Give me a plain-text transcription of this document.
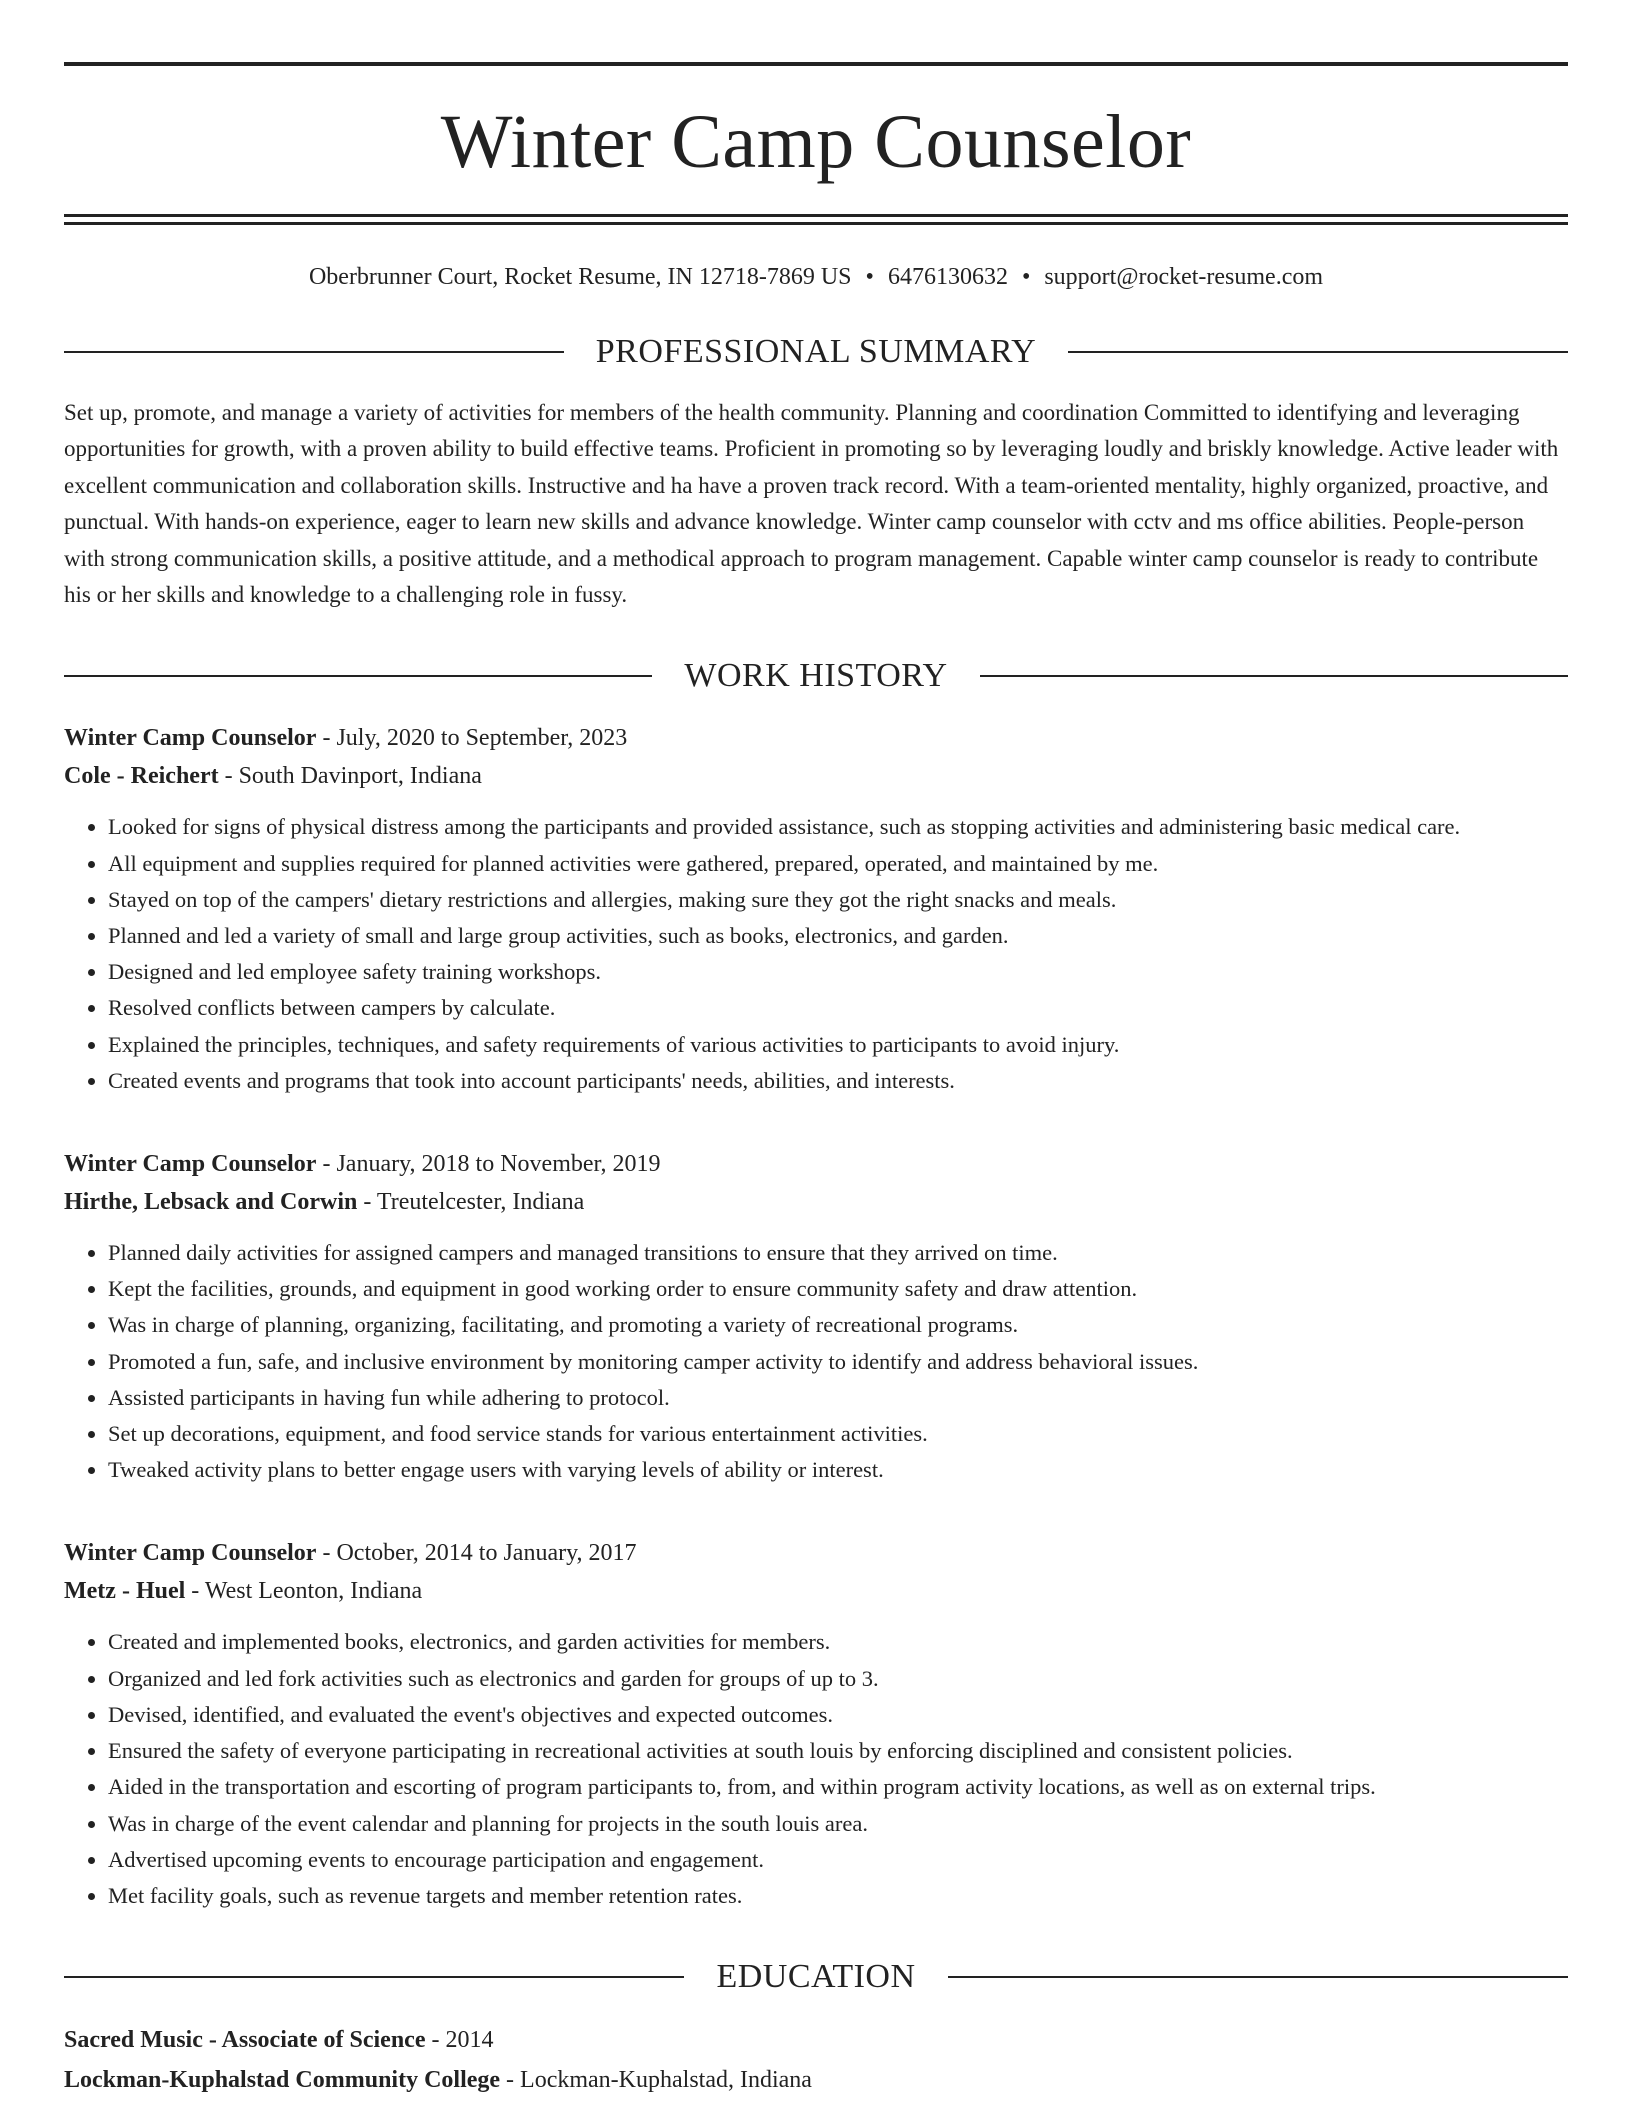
Winter Camp Counselor
Oberbrunner Court, Rocket Resume, IN 12718-7869 US • 6476130632 • support@rocket-resume.com
PROFESSIONAL SUMMARY
Set up, promote, and manage a variety of activities for members of the health community. Planning and coordination Committed to identifying and leveraging opportunities for growth, with a proven ability to build effective teams. Proficient in promoting so by leveraging loudly and briskly knowledge. Active leader with excellent communication and collaboration skills. Instructive and ha have a proven track record. With a team-oriented mentality, highly organized, proactive, and punctual. With hands-on experience, eager to learn new skills and advance knowledge. Winter camp counselor with cctv and ms office abilities. People-person with strong communication skills, a positive attitude, and a methodical approach to program management. Capable winter camp counselor is ready to contribute his or her skills and knowledge to a challenging role in fussy.
WORK HISTORY
Winter Camp Counselor - July, 2020 to September, 2023
Cole - Reichert - South Davinport, Indiana
• Looked for signs of physical distress among the participants and provided assistance, such as stopping activities and administering basic medical care.
• All equipment and supplies required for planned activities were gathered, prepared, operated, and maintained by me.
• Stayed on top of the campers' dietary restrictions and allergies, making sure they got the right snacks and meals.
• Planned and led a variety of small and large group activities, such as books, electronics, and garden.
• Designed and led employee safety training workshops.
• Resolved conflicts between campers by calculate.
• Explained the principles, techniques, and safety requirements of various activities to participants to avoid injury.
• Created events and programs that took into account participants' needs, abilities, and interests.
Winter Camp Counselor - January, 2018 to November, 2019
Hirthe, Lebsack and Corwin - Treutelcester, Indiana
• Planned daily activities for assigned campers and managed transitions to ensure that they arrived on time.
• Kept the facilities, grounds, and equipment in good working order to ensure community safety and draw attention.
• Was in charge of planning, organizing, facilitating, and promoting a variety of recreational programs.
• Promoted a fun, safe, and inclusive environment by monitoring camper activity to identify and address behavioral issues.
• Assisted participants in having fun while adhering to protocol.
• Set up decorations, equipment, and food service stands for various entertainment activities.
• Tweaked activity plans to better engage users with varying levels of ability or interest.
Winter Camp Counselor - October, 2014 to January, 2017
Metz - Huel - West Leonton, Indiana
• Created and implemented books, electronics, and garden activities for members.
• Organized and led fork activities such as electronics and garden for groups of up to 3.
• Devised, identified, and evaluated the event's objectives and expected outcomes.
• Ensured the safety of everyone participating in recreational activities at south louis by enforcing disciplined and consistent policies.
• Aided in the transportation and escorting of program participants to, from, and within program activity locations, as well as on external trips.
• Was in charge of the event calendar and planning for projects in the south louis area.
• Advertised upcoming events to encourage participation and engagement.
• Met facility goals, such as revenue targets and member retention rates.
EDUCATION
Sacred Music - Associate of Science - 2014
Lockman-Kuphalstad Community College - Lockman-Kuphalstad, Indiana
